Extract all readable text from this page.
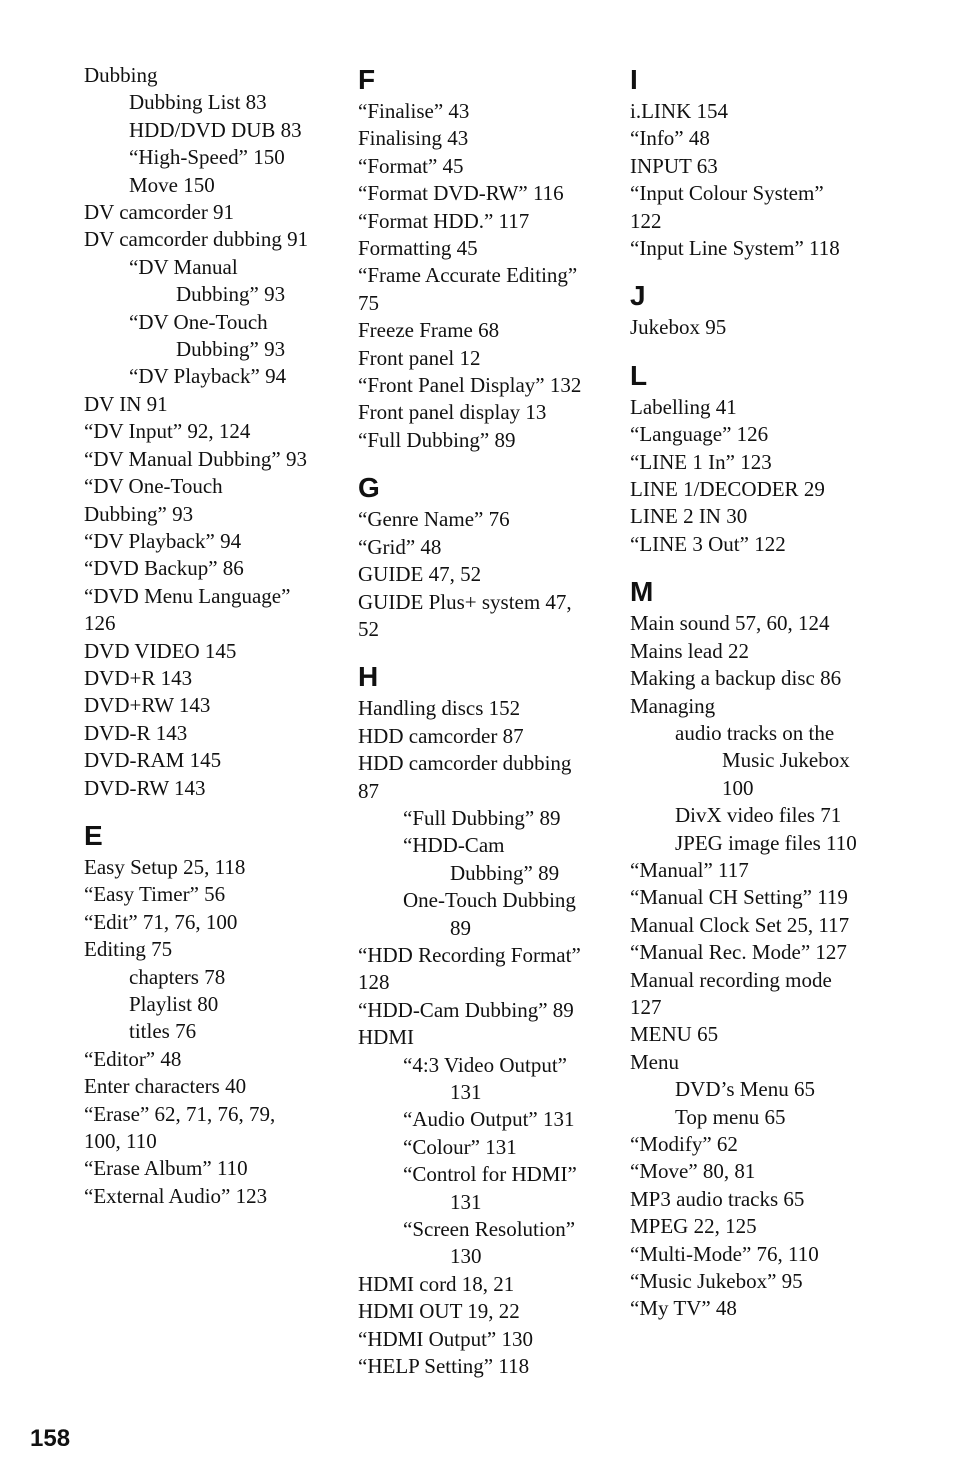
Dubbing
Dubbing List 83
HDD/DVD DUB 83
“High-Speed” 150
Move 150
DV camcorder 91
DV camcorder dubbing 91
“DV Manual
Dubbing” 93
“DV One-Touch
Dubbing” 93
“DV Playback” 94
DV IN 91
“DV Input” 92, 124
“DV Manual Dubbing” 93
“DV One-Touch
Dubbing” 93
“DV Playback” 94
“DVD Backup” 86
“DVD Menu Language”
126
DVD VIDEO 145
DVD+R 143
DVD+RW 143
DVD-R 143
DVD-RAM 145
DVD-RW 143
E
Easy Setup 25, 118
“Easy Timer” 56
“Edit” 71, 76, 100
Editing 75
chapters 78
Playlist 80
titles 76
“Editor” 48
Enter characters 40
“Erase” 62, 71, 76, 79,
100, 110
“Erase Album” 110
“External Audio” 123
F
“Finalise” 43
Finalising 43
“Format” 45
“Format DVD-RW” 116
“Format HDD.” 117
Formatting 45
“Frame Accurate Editing”
75
Freeze Frame 68
Front panel 12
“Front Panel Display” 132
Front panel display 13
“Full Dubbing” 89
G
“Genre Name” 76
“Grid” 48
GUIDE 47, 52
GUIDE Plus+ system 47,
52
H
Handling discs 152
HDD camcorder 87
HDD camcorder dubbing
87
“Full Dubbing” 89
“HDD-Cam
Dubbing” 89
One-Touch Dubbing
89
“HDD Recording Format”
128
“HDD-Cam Dubbing” 89
HDMI
“4:3 Video Output”
131
“Audio Output” 131
“Colour” 131
“Control for HDMI”
131
“Screen Resolution”
130
HDMI cord 18, 21
HDMI OUT 19, 22
“HDMI Output” 130
“HELP Setting” 118
I
i.LINK 154
“Info” 48
INPUT 63
“Input Colour System”
122
“Input Line System” 118
J
Jukebox 95
L
Labelling 41
“Language” 126
“LINE 1 In” 123
LINE 1/DECODER 29
LINE 2 IN 30
“LINE 3 Out” 122
M
Main sound 57, 60, 124
Mains lead 22
Making a backup disc 86
Managing
audio tracks on the
Music Jukebox
100
DivX video files 71
JPEG image files 110
“Manual” 117
“Manual CH Setting” 119
Manual Clock Set 25, 117
“Manual Rec. Mode” 127
Manual recording mode
127
MENU 65
Menu
DVD’s Menu 65
Top menu 65
“Modify” 62
“Move” 80, 81
MP3 audio tracks 65
MPEG 22, 125
“Multi-Mode” 76, 110
“Music Jukebox” 95
“My TV” 48
158
